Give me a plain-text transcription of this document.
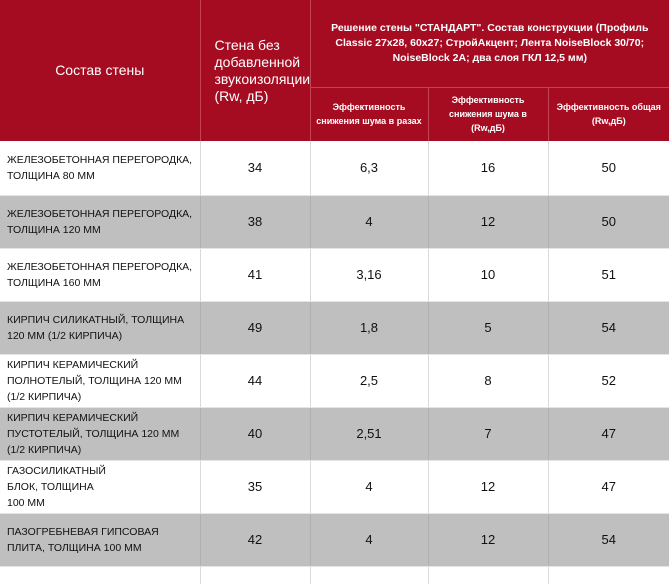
Состав стены	Стена без добавленной звукоизоляции (Rw, дБ)	Решение стены "СТАНДАРТ". Состав конструкции (Профиль Classic 27х28, 60х27; СтройАкцент; Лента NoiseBlock 30/70; NoiseBlock 2A; два слоя ГКЛ 12,5 мм)		
		Эффективность снижения шума в разах	Эффективность снижения шума в (Rw,дБ)	Эффективность общая (Rw,дБ)
ЖЕЛЕЗОБЕТОННАЯ ПЕРЕГОРОДКА, ТОЛЩИНА 80 ММ	34	6,3	16	50
ЖЕЛЕЗОБЕТОННАЯ ПЕРЕГОРОДКА, ТОЛЩИНА 120 ММ	38	4	12	50
ЖЕЛЕЗОБЕТОННАЯ ПЕРЕГОРОДКА, ТОЛЩИНА 160 ММ	41	3,16	10	51
КИРПИЧ СИЛИКАТНЫЙ, ТОЛЩИНА 120 ММ (1/2 КИРПИЧА)	49	1,8	5	54
КИРПИЧ КЕРАМИЧЕСКИЙ ПОЛНОТЕЛЫЙ, ТОЛЩИНА 120 ММ (1/2 КИРПИЧА)	44	2,5	8	52
КИРПИЧ КЕРАМИЧЕСКИЙ ПУСТОТЕЛЫЙ, ТОЛЩИНА 120 ММ (1/2 КИРПИЧА)	40	2,51	7	47
ГАЗОСИЛИКАТНЫЙ БЛОК, ТОЛЩИНА 100 ММ	35	4	12	47
ПАЗОГРЕБНЕВАЯ ГИПСОВАЯ ПЛИТА, ТОЛЩИНА 100 ММ	42	4	12	54
